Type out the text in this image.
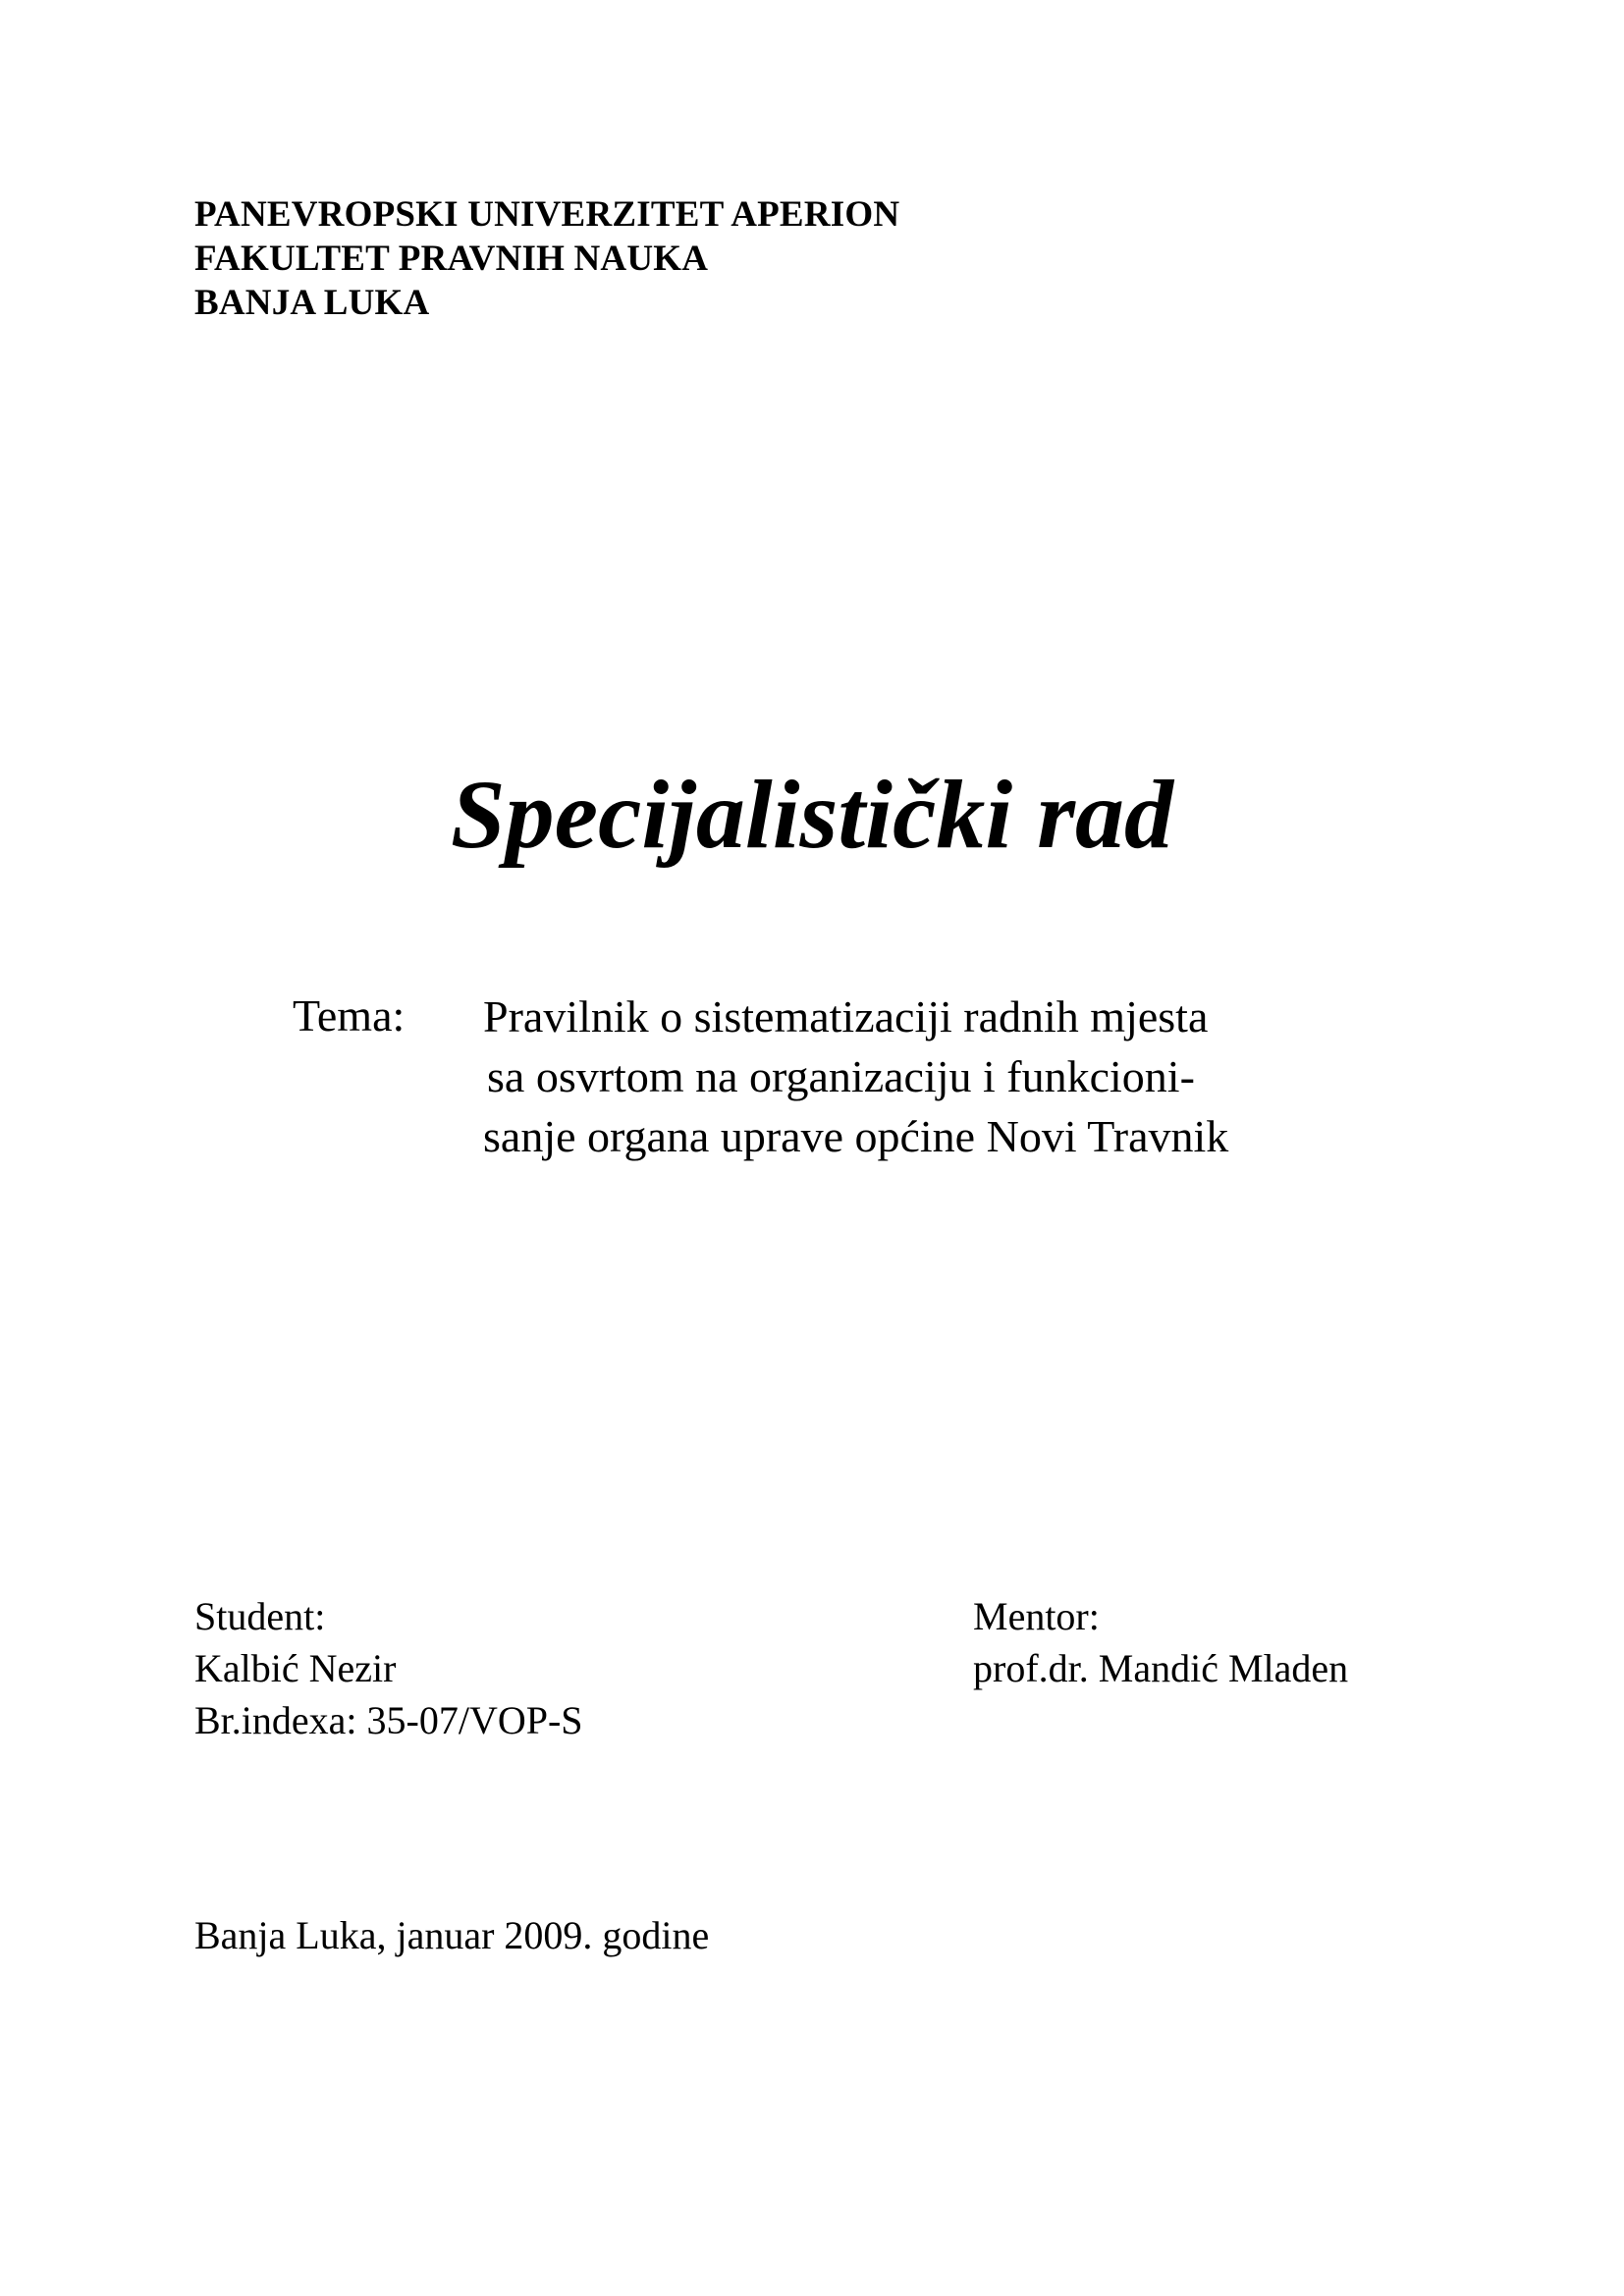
PANEVROPSKI UNIVERZITET APERION
FAKULTET PRAVNIH NAUKA
BANJA LUKA
Specijalistički rad
Tema: Pravilnik o sistematizaciji radnih mjesta
sa osvrtom na organizaciju i funkcioni-
sanje organa uprave općine Novi Travnik
Student:
Kalbić Nezir
Br.indexa: 35-07/VOP-S
Mentor:
prof.dr. Mandić Mladen
Banja Luka, januar 2009. godine
